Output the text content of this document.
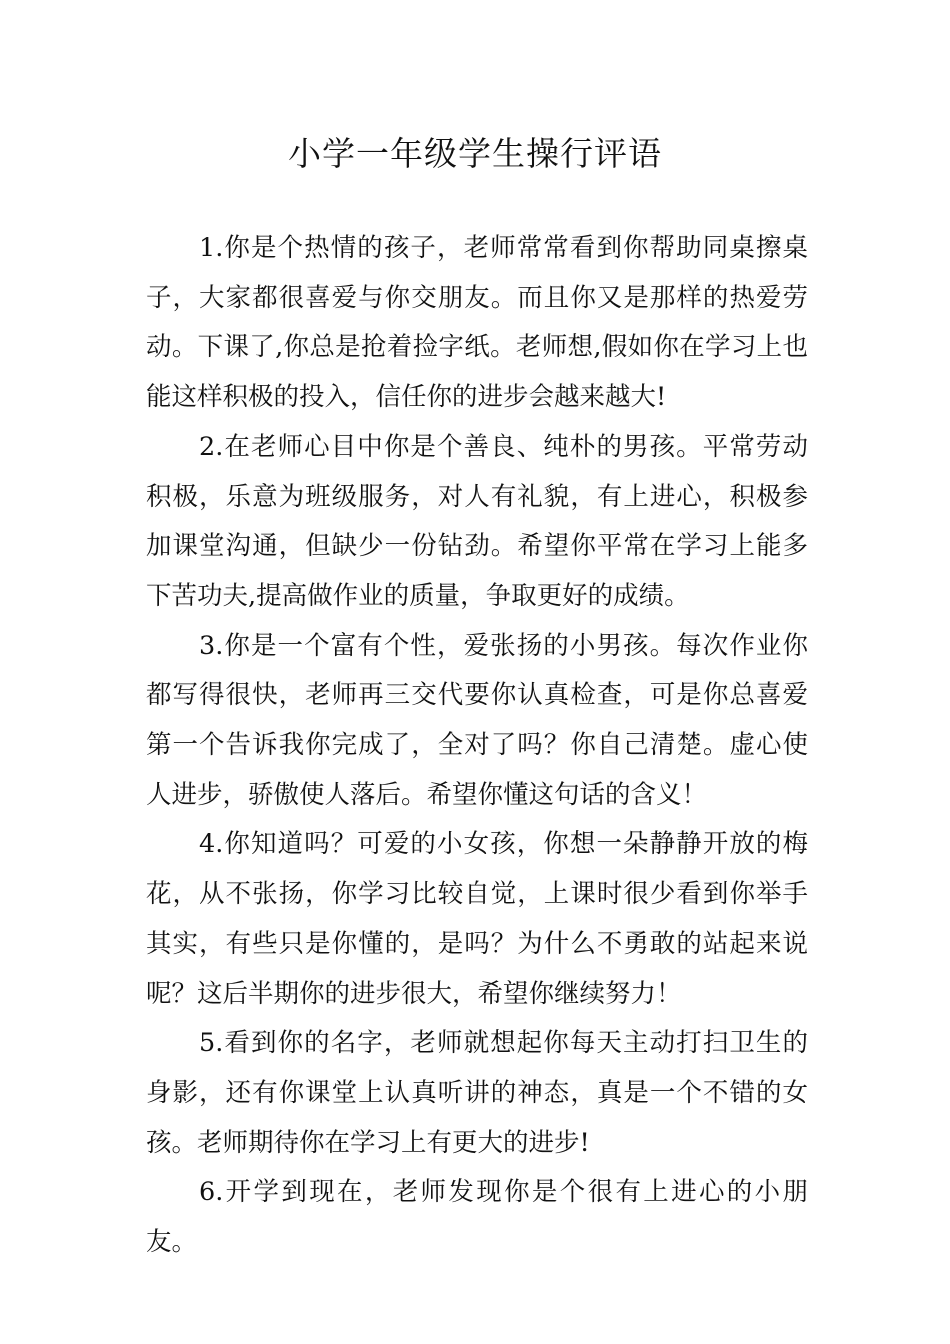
小学一年级学生操行评语

1.你是个热情的孩子，老师常常看到你帮助同桌擦桌子，大家都很喜爱与你交朋友。而且你又是那样的热爱劳动。下课了,你总是抢着捡字纸。老师想,假如你在学习上也能这样积极的投入，信任你的进步会越来越大!

2.在老师心目中你是个善良、纯朴的男孩。平常劳动积极，乐意为班级服务，对人有礼貌，有上进心，积极参加课堂沟通，但缺少一份钻劲。希望你平常在学习上能多下苦功夫,提高做作业的质量，争取更好的成绩。

3.你是一个富有个性，爱张扬的小男孩。每次作业你都写得很快，老师再三交代要你认真检查，可是你总喜爱第一个告诉我你完成了，全对了吗？你自己清楚。虚心使人进步，骄傲使人落后。希望你懂这句话的含义！

4.你知道吗？可爱的小女孩，你想一朵静静开放的梅花，从不张扬，你学习比较自觉，上课时很少看到你举手其实，有些只是你懂的，是吗？为什么不勇敢的站起来说呢？这后半期你的进步很大，希望你继续努力！

5.看到你的名字，老师就想起你每天主动打扫卫生的身影，还有你课堂上认真听讲的神态，真是一个不错的女孩。老师期待你在学习上有更大的进步!

6.开学到现在，老师发现你是个很有上进心的小朋友。
